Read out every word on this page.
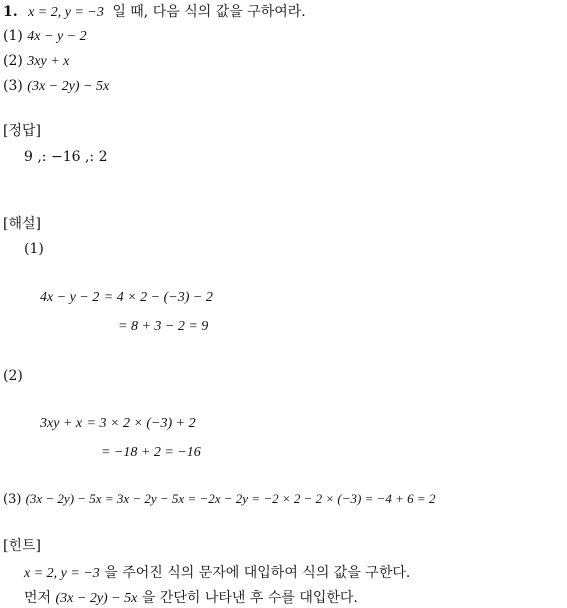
1. x = 2, y = −3 일 때, 다음 식의 값을 구하여라.
(1) 4x − y − 2
(2) 3xy + x
(3) (3x − 2y) − 5x
[정답]
9 ,: −16 ,: 2
[해설]
(1)
4x − y − 2 = 4 × 2 − (−3) − 2
= 8 + 3 − 2 = 9
(2)
3xy + x = 3 × 2 × (−3) + 2
= −18 + 2 = −16
(3) (3x − 2y) − 5x = 3x − 2y − 5x = −2x − 2y = −2 × 2 − 2 × (−3) = −4 + 6 = 2
[힌트]
x = 2, y = −3 을 주어진 식의 문자에 대입하여 식의 값을 구한다.
먼저 (3x − 2y) − 5x 을 간단히 나타낸 후 수를 대입한다.
